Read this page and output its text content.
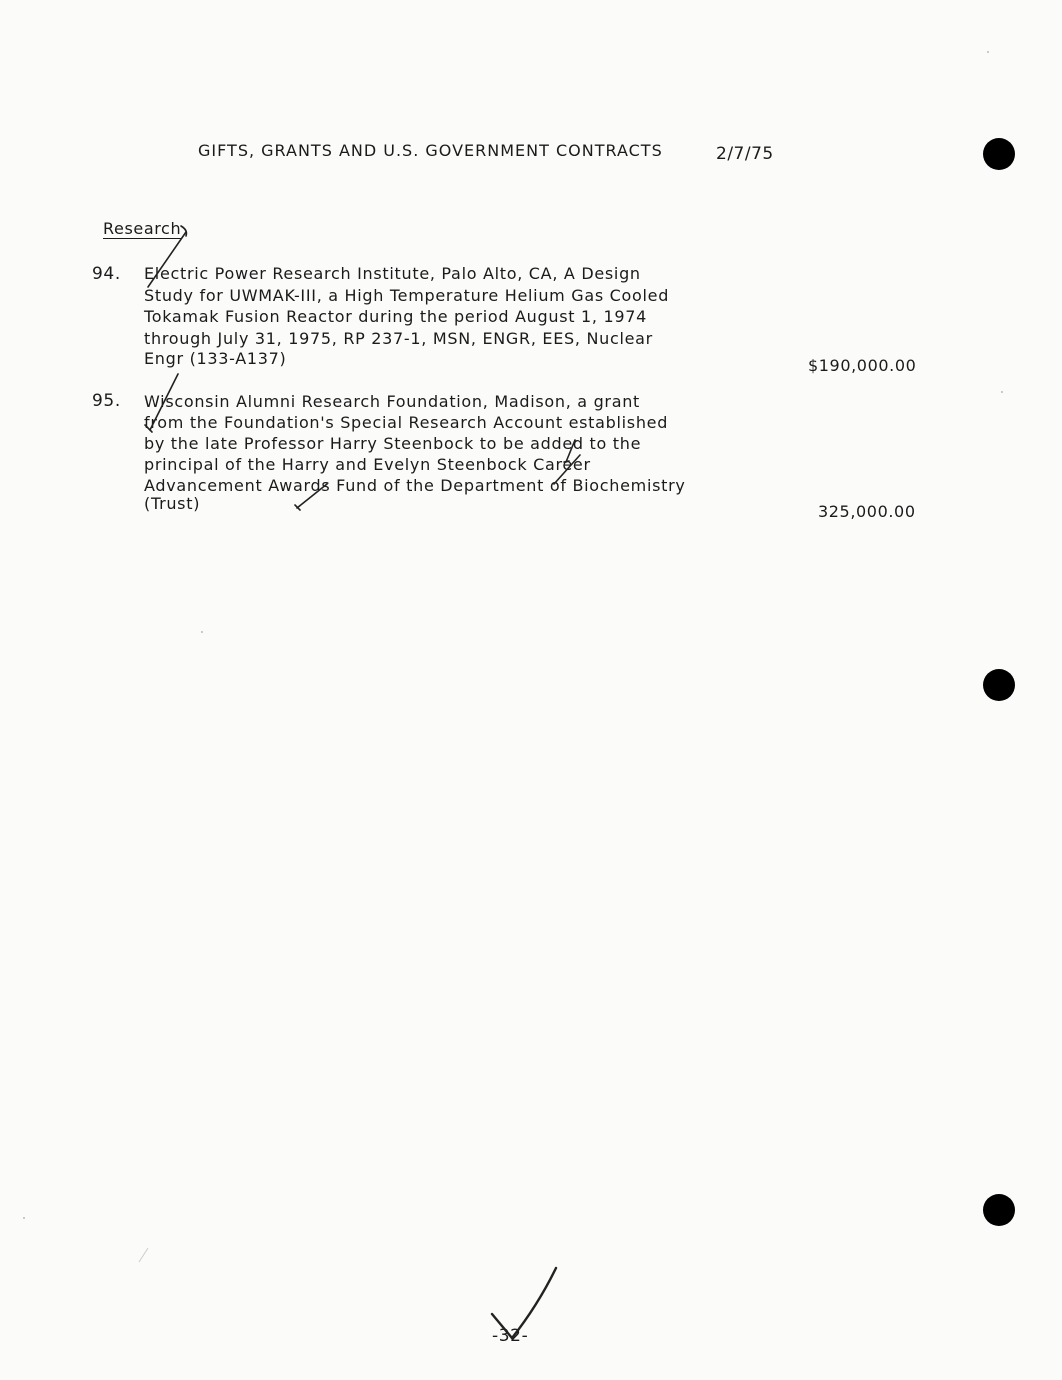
GIFTS, GRANTS AND U.S. GOVERNMENT CONTRACTS	2/7/75
Research
94. Electric Power Research Institute, Palo Alto, CA, A Design
Study for UWMAK-III, a High Temperature Helium Gas Cooled
Tokamak Fusion Reactor during the period August 1, 1974
through July 31, 1975, RP 237-1, MSN, ENGR, EES, Nuclear
Engr (133-A137)	$190,000.00
95. Wisconsin Alumni Research Foundation, Madison, a grant
from the Foundation's Special Research Account established
by the late Professor Harry Steenbock to be added to the
principal of the Harry and Evelyn Steenbock Career
Advancement Awards Fund of the Department of Biochemistry
(Trust)	325,000.00
-32-
